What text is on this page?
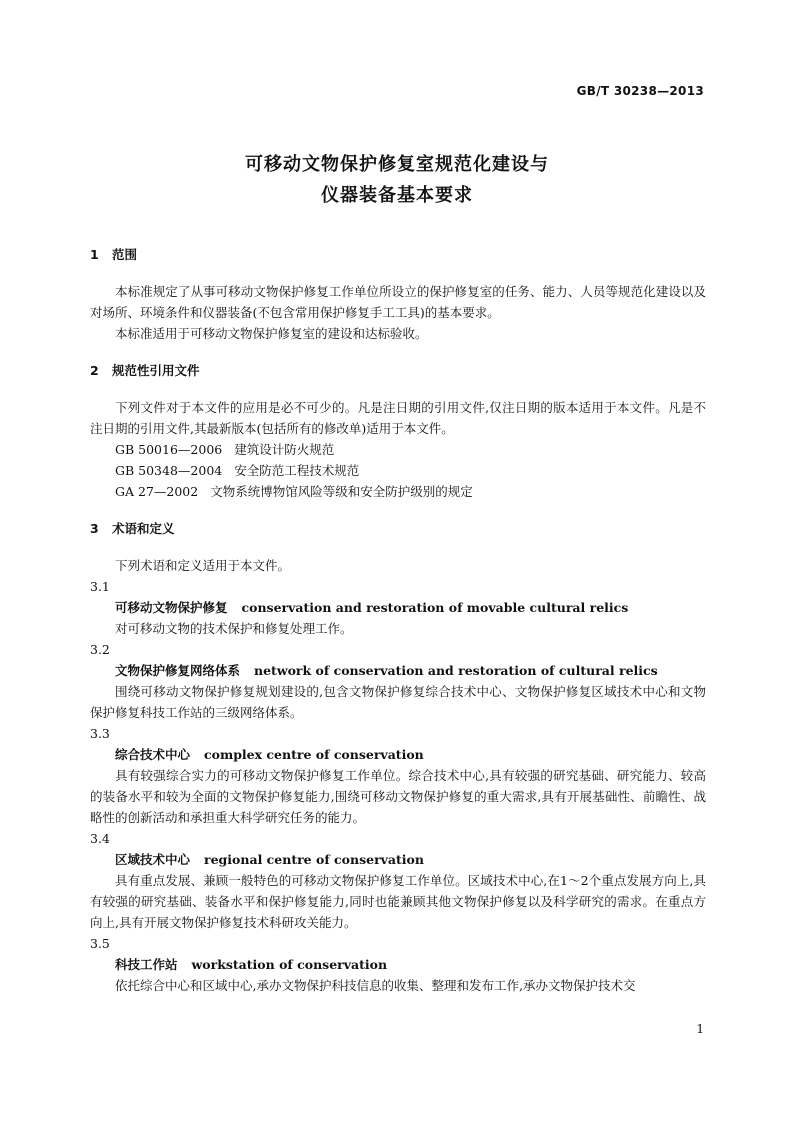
GB/T 30238—2013
可移动文物保护修复室规范化建设与
仪器装备基本要求
1 范围

本标准规定了从事可移动文物保护修复工作单位所设立的保护修复室的任务、能力、人员等规范化建设以及对场所、环境条件和仪器装备(不包含常用保护修复手工工具)的基本要求。

本标准适用于可移动文物保护修复室的建设和达标验收。

2 规范性引用文件

下列文件对于本文件的应用是必不可少的。凡是注日期的引用文件,仅注日期的版本适用于本文件。凡是不注日期的引用文件,其最新版本(包括所有的修改单)适用于本文件。

GB 50016—2006 建筑设计防火规范

GB 50348—2004 安全防范工程技术规范

GA 27—2002 文物系统博物馆风险等级和安全防护级别的规定

3 术语和定义

下列术语和定义适用于本文件。

3.1

可移动文物保护修复 conservation and restoration of movable cultural relics

对可移动文物的技术保护和修复处理工作。

3.2

文物保护修复网络体系 network of conservation and restoration of cultural relics

围绕可移动文物保护修复规划建设的,包含文物保护修复综合技术中心、文物保护修复区域技术中心和文物保护修复科技工作站的三级网络体系。

3.3

综合技术中心 complex centre of conservation

具有较强综合实力的可移动文物保护修复工作单位。综合技术中心,具有较强的研究基础、研究能力、较高的装备水平和较为全面的文物保护修复能力,围绕可移动文物保护修复的重大需求,具有开展基础性、前瞻性、战略性的创新活动和承担重大科学研究任务的能力。

3.4

区域技术中心 regional centre of conservation

具有重点发展、兼顾一般特色的可移动文物保护修复工作单位。区域技术中心,在1～2个重点发展方向上,具有较强的研究基础、装备水平和保护修复能力,同时也能兼顾其他文物保护修复以及科学研究的需求。在重点方向上,具有开展文物保护修复技术科研攻关能力。

3.5

科技工作站 workstation of conservation

依托综合中心和区域中心,承办文物保护科技信息的收集、整理和发布工作,承办文物保护技术交

1
